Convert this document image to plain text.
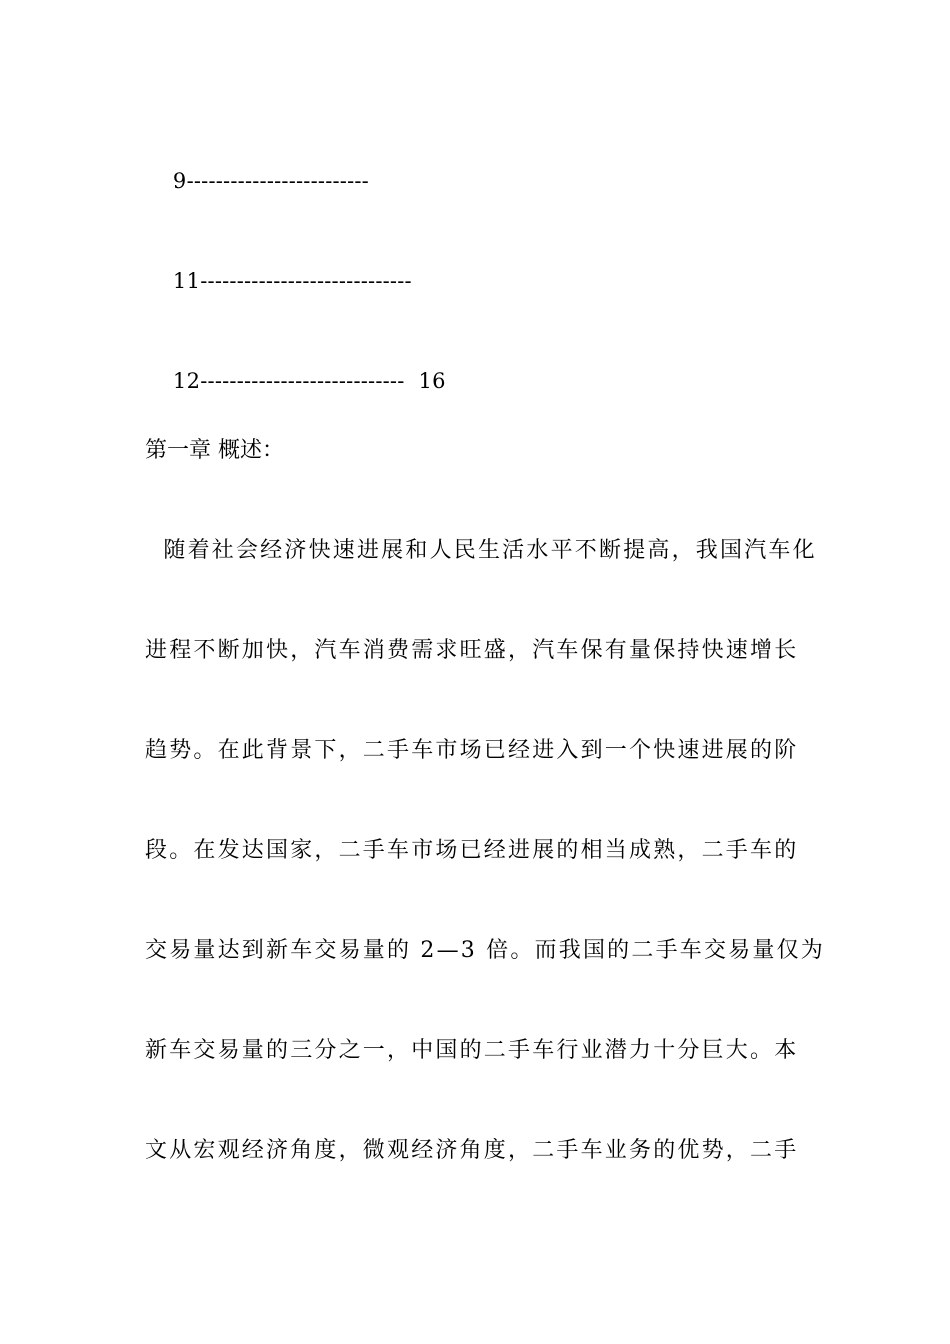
9-------------------------

11-----------------------------

12---------------------------- 16

第一章 概述：
随着社会经济快速进展和人民生活水平不断提高，我国汽车化
进程不断加快，汽车消费需求旺盛，汽车保有量保持快速增长
趋势。在此背景下，二手车市场已经进入到一个快速进展的阶
段。在发达国家，二手车市场已经进展的相当成熟，二手车的
交易量达到新车交易量的 2—3 倍。而我国的二手车交易量仅为
新车交易量的三分之一，中国的二手车行业潜力十分巨大。本
文从宏观经济角度，微观经济角度，二手车业务的优势，二手
